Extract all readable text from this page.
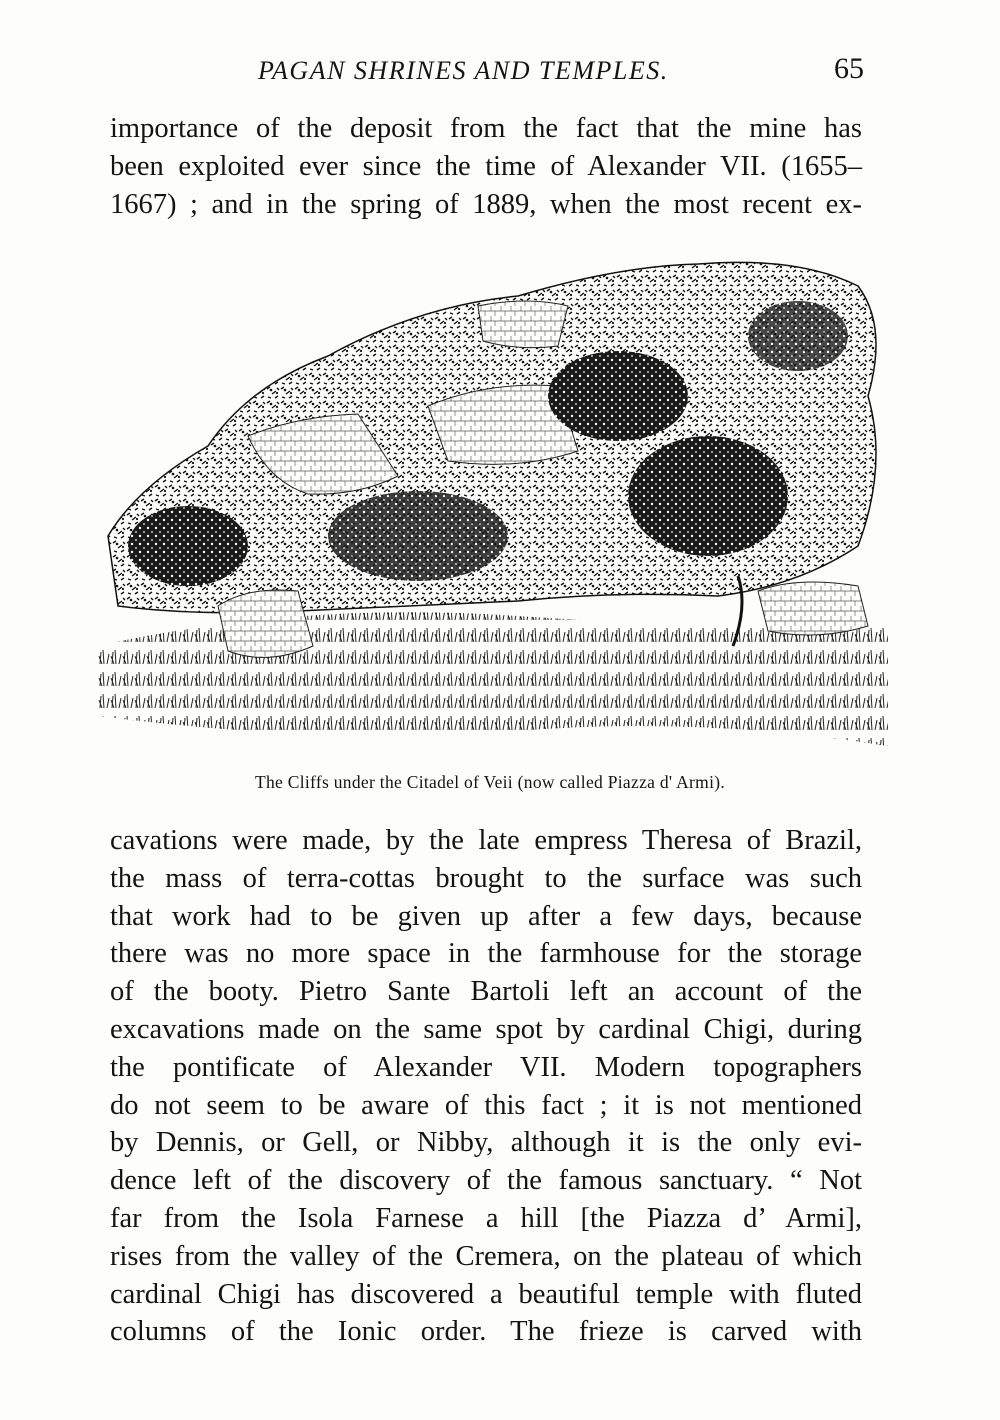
PAGAN SHRINES AND TEMPLES.	65
importance of the deposit from the fact that the mine has
been exploited ever since the time of Alexander VII. (1655–
1667) ; and in the spring of 1889, when the most recent ex-
The Cliffs under the Citadel of Veii (now called Piazza d' Armi).
cavations were made, by the late empress Theresa of Brazil,
the mass of terra-cottas brought to the surface was such
that work had to be given up after a few days, because
there was no more space in the farmhouse for the storage
of the booty. Pietro Sante Bartoli left an account of the
excavations made on the same spot by cardinal Chigi, during
the pontificate of Alexander VII. Modern topographers
do not seem to be aware of this fact ; it is not mentioned
by Dennis, or Gell, or Nibby, although it is the only evi-
dence left of the discovery of the famous sanctuary. “ Not
far from the Isola Farnese a hill [the Piazza d’ Armi],
rises from the valley of the Cremera, on the plateau of which
cardinal Chigi has discovered a beautiful temple with fluted
columns of the Ionic order. The frieze is carved with
